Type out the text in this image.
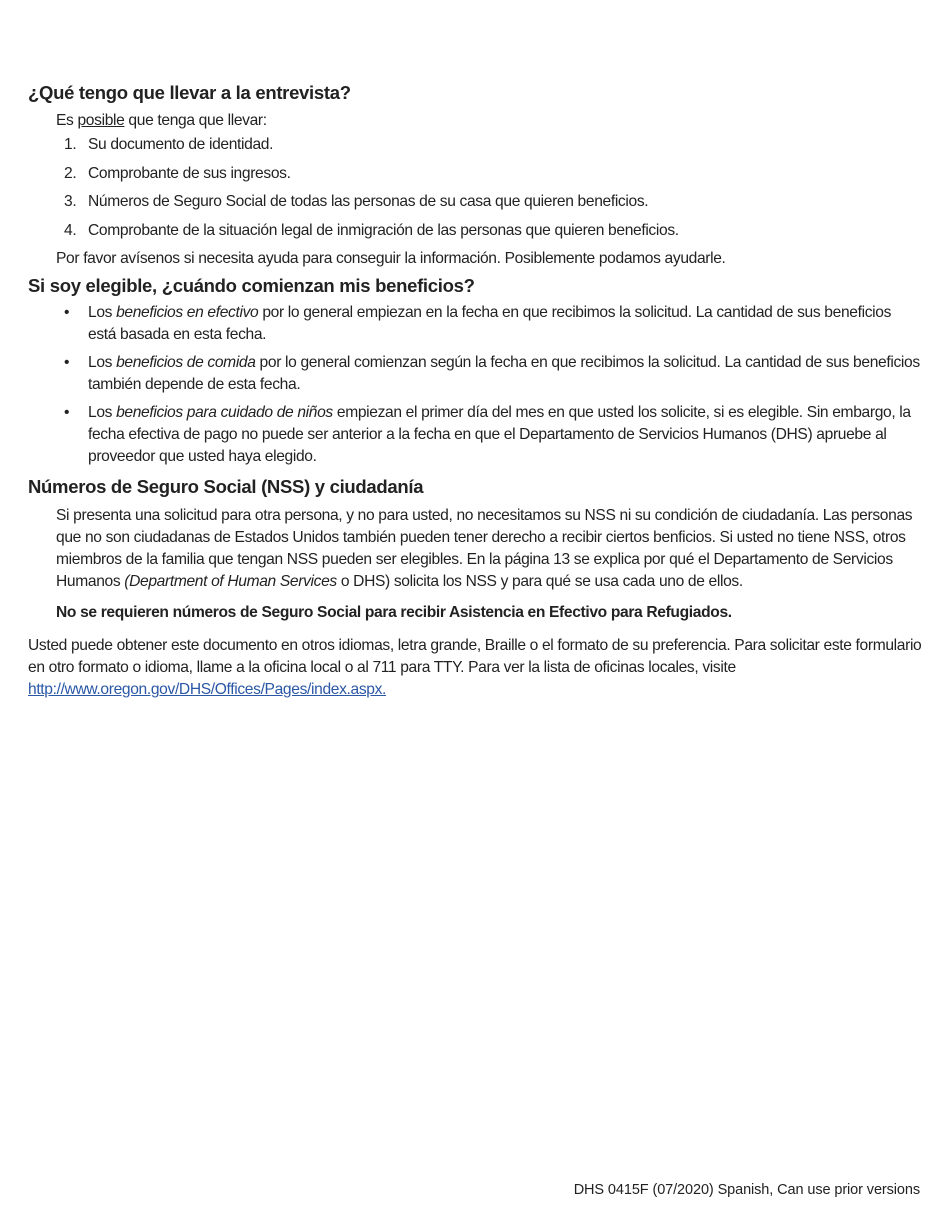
¿Qué tengo que llevar a la entrevista?
Es posible que tenga que llevar:
1. Su documento de identidad.
2. Comprobante de sus ingresos.
3. Números de Seguro Social de todas las personas de su casa que quieren beneficios.
4. Comprobante de la situación legal de inmigración de las personas que quieren beneficios.
Por favor avísenos si necesita ayuda para conseguir la información. Posiblemente podamos ayudarle.
Si soy elegible, ¿cuándo comienzan mis beneficios?
• Los beneficios en efectivo por lo general empiezan en la fecha en que recibimos la solicitud. La cantidad de sus beneficios está basada en esta fecha.
• Los beneficios de comida por lo general comienzan según la fecha en que recibimos la solicitud. La cantidad de sus beneficios también depende de esta fecha.
• Los beneficios para cuidado de niños empiezan el primer día del mes en que usted los solicite, si es elegible. Sin embargo, la fecha efectiva de pago no puede ser anterior a la fecha en que el Departamento de Servicios Humanos (DHS) apruebe al proveedor que usted haya elegido.
Números de Seguro Social (NSS) y ciudadanía
Si presenta una solicitud para otra persona, y no para usted, no necesitamos su NSS ni su condición de ciudadanía. Las personas que no son ciudadanas de Estados Unidos también pueden tener derecho a recibir ciertos benficios. Si usted no tiene NSS, otros miembros de la familia que tengan NSS pueden ser elegibles. En la página 13 se explica por qué el Departamento de Servicios Humanos (Department of Human Services o DHS) solicita los NSS y para qué se usa cada uno de ellos.
No se requieren números de Seguro Social para recibir Asistencia en Efectivo para Refugiados.
Usted puede obtener este documento en otros idiomas, letra grande, Braille o el formato de su preferencia. Para solicitar este formulario en otro formato o idioma, llame a la oficina local o al 711 para TTY. Para ver la lista de oficinas locales, visite
http://www.oregon.gov/DHS/Offices/Pages/index.aspx.
DHS 0415F (07/2020) Spanish, Can use prior versions
